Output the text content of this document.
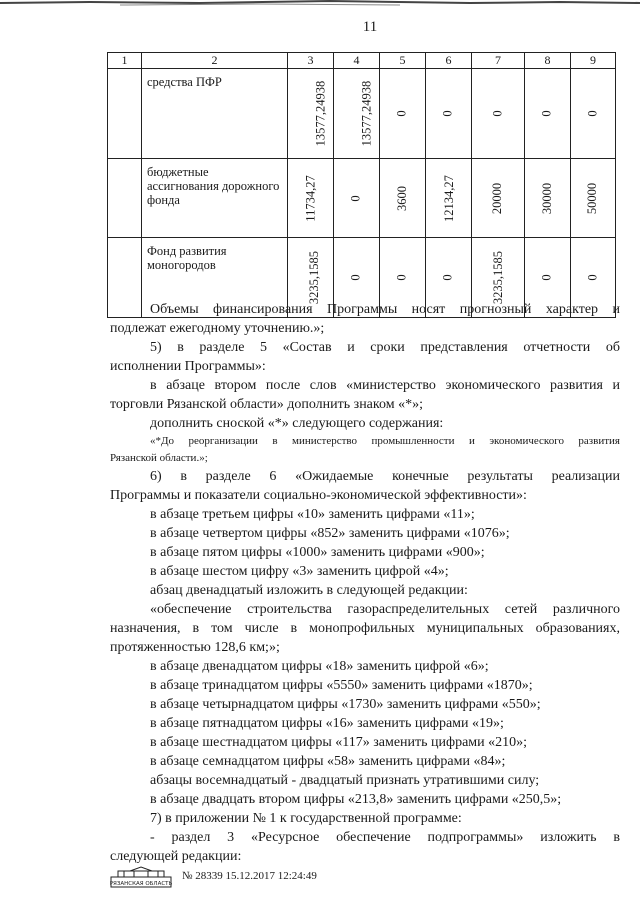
11
1	2	3	4	5	6	7	8	9
	средства ПФР	13577,24938	13577,24938	0	0	0	0	0
	бюджетные ассигнования дорожного фонда	11734,27	0	3600	12134,27	20000	30000	50000
	Фонд развития моногородов	3235,1585	0	0	0	3235,1585	0	0
Объемы финансирования Программы носят прогнозный характер и
подлежат ежегодному уточнению.»;
5) в разделе 5 «Состав и сроки представления отчетности об
исполнении Программы»:
в абзаце втором после слов «министерство экономического развития и
торговли Рязанской области» дополнить знаком «*»;
дополнить сноской «*» следующего содержания:
«*До реорганизации в министерство промышленности и экономического развития
Рязанской области.»;
6) в разделе 6 «Ожидаемые конечные результаты реализации
Программы и показатели социально-экономической эффективности»:
в абзаце третьем цифры «10» заменить цифрами «11»;
в абзаце четвертом цифры «852» заменить цифрами «1076»;
в абзаце пятом цифры «1000» заменить цифрами «900»;
в абзаце шестом цифру «3» заменить цифрой «4»;
абзац двенадцатый изложить в следующей редакции:
«обеспечение строительства газораспределительных сетей различного
назначения, в том числе в монопрофильных муниципальных образованиях,
протяженностью 128,6 км;»;
в абзаце двенадцатом цифры «18» заменить цифрой «6»;
в абзаце тринадцатом цифры «5550» заменить цифрами «1870»;
в абзаце четырнадцатом цифры «1730» заменить цифрами «550»;
в абзаце пятнадцатом цифры «16» заменить цифрами «19»;
в абзаце шестнадцатом цифры «117» заменить цифрами «210»;
в абзаце семнадцатом цифры «58» заменить цифрами «84»;
абзацы восемнадцатый - двадцатый признать утратившими силу;
в абзаце двадцать втором цифры «213,8» заменить цифрами «250,5»;
7) в приложении № 1 к государственной программе:
- раздел 3 «Ресурсное обеспечение подпрограммы» изложить в
следующей редакции:
РЯЗАНСКАЯ ОБЛАСТЬ
№ 28339 15.12.2017 12:24:49
